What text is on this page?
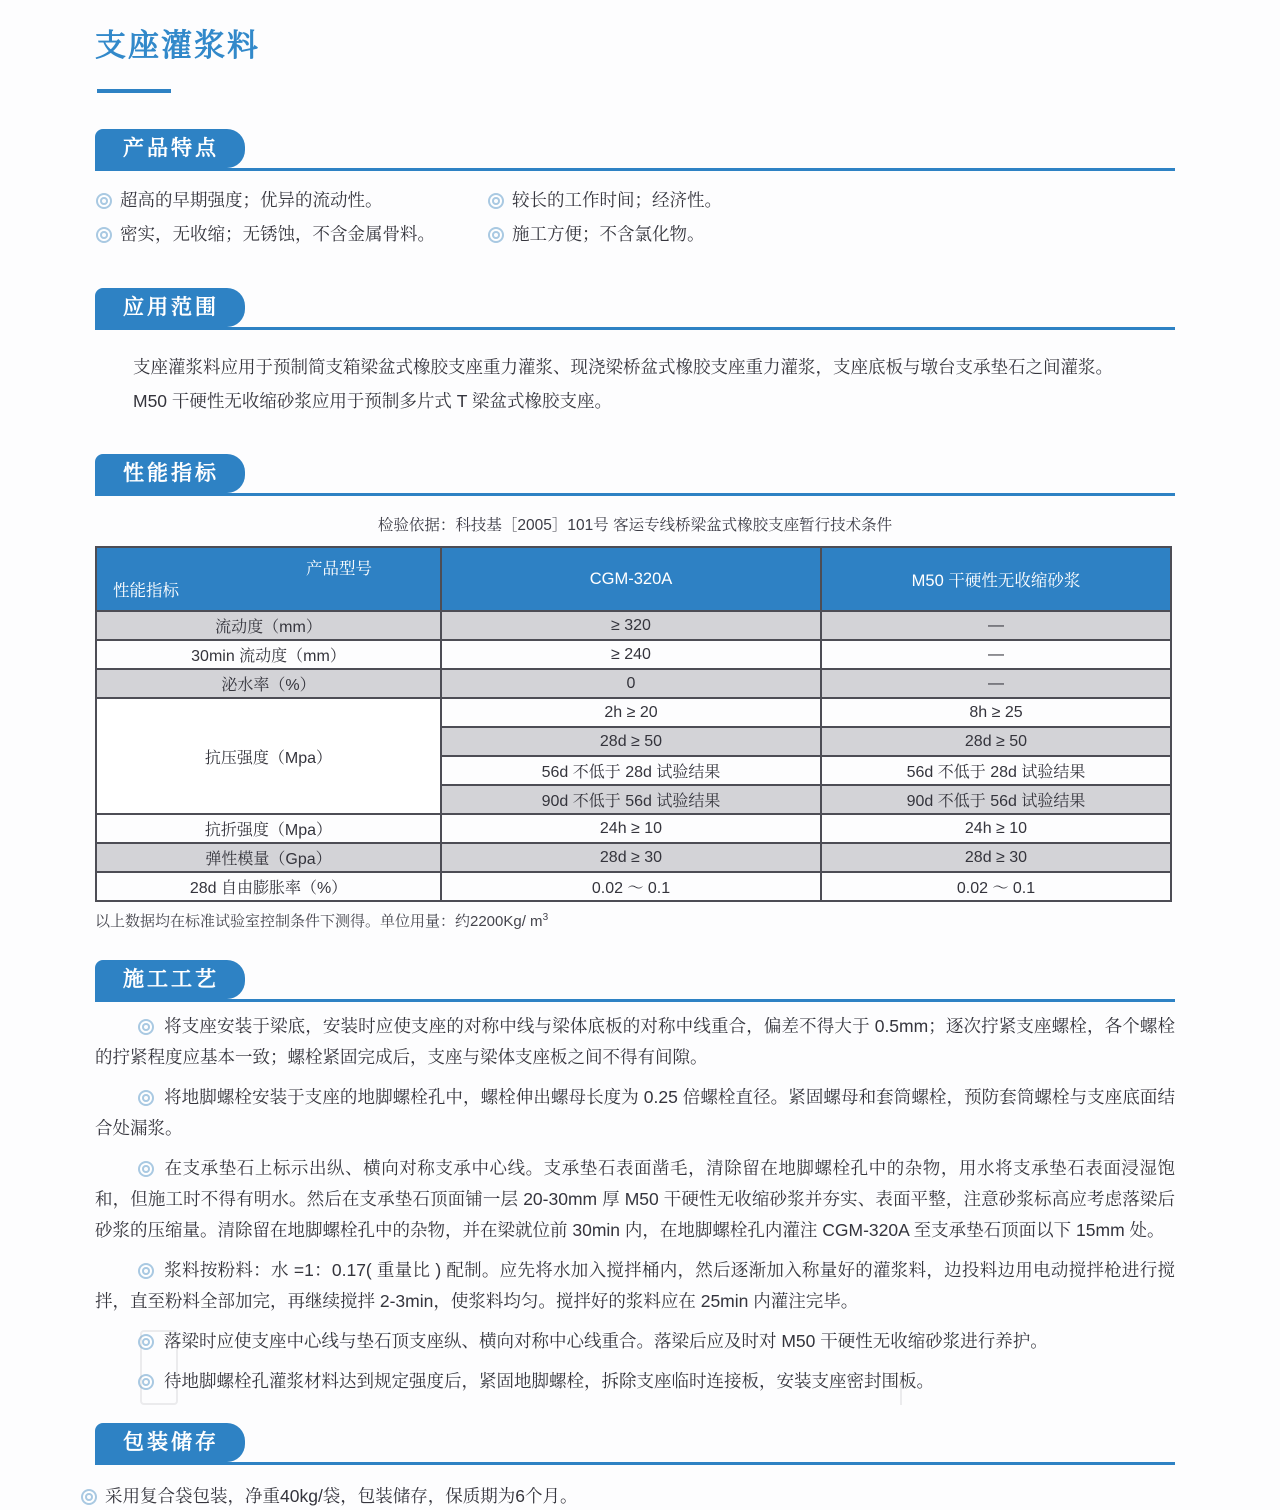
支座灌浆料
产品特点
超高的早期强度；优异的流动性。	较长的工作时间；经济性。
密实，无收缩；无锈蚀，不含金属骨料。	施工方便；不含氯化物。
应用范围
支座灌浆料应用于预制简支箱梁盆式橡胶支座重力灌浆、现浇梁桥盆式橡胶支座重力灌浆，支座底板与墩台支承垫石之间灌浆。
M50 干硬性无收缩砂浆应用于预制多片式 T 梁盆式橡胶支座。
性能指标
检验依据：科技基［2005］101号 客运专线桥梁盆式橡胶支座暂行技术条件
产品型号
性能指标	CGM-320A	M50 干硬性无收缩砂浆
流动度（mm）	≥ 320	—
30min 流动度（mm）	≥ 240	—
泌水率（%）	0	—
抗压强度（Mpa）	2h ≥ 20	8h ≥ 25
	28d ≥ 50	28d ≥ 50
	56d 不低于 28d 试验结果	56d 不低于 28d 试验结果
	90d 不低于 56d 试验结果	90d 不低于 56d 试验结果
抗折强度（Mpa）	24h ≥ 10	24h ≥ 10
弹性模量（Gpa）	28d ≥ 30	28d ≥ 30
28d 自由膨胀率（%）	0.02 ～ 0.1	0.02 ～ 0.1
以上数据均在标准试验室控制条件下测得。单位用量：约2200Kg/ $m^3$
施工工艺

将支座安装于梁底，安装时应使支座的对称中线与梁体底板的对称中线重合，偏差不得大于 0.5mm；逐次拧紧支座螺栓，各个螺栓的拧紧程度应基本一致；螺栓紧固完成后，支座与梁体支座板之间不得有间隙。

将地脚螺栓安装于支座的地脚螺栓孔中，螺栓伸出螺母长度为 0.25 倍螺栓直径。紧固螺母和套筒螺栓，预防套筒螺栓与支座底面结合处漏浆。

在支承垫石上标示出纵、横向对称支承中心线。支承垫石表面凿毛，清除留在地脚螺栓孔中的杂物，用水将支承垫石表面浸湿饱和，但施工时不得有明水。然后在支承垫石顶面铺一层 20-30mm 厚 M50 干硬性无收缩砂浆并夯实、表面平整，注意砂浆标高应考虑落梁后砂浆的压缩量。清除留在地脚螺栓孔中的杂物，并在梁就位前 30min 内，在地脚螺栓孔内灌注 CGM-320A 至支承垫石顶面以下 15mm 处。

浆料按粉料：水 =1：0.17( 重量比 ) 配制。应先将水加入搅拌桶内，然后逐渐加入称量好的灌浆料，边投料边用电动搅拌枪进行搅拌，直至粉料全部加完，再继续搅拌 2-3min，使浆料均匀。搅拌好的浆料应在 25min 内灌注完毕。

落梁时应使支座中心线与垫石顶支座纵、横向对称中心线重合。落梁后应及时对 M50 干硬性无收缩砂浆进行养护。

待地脚螺栓孔灌浆材料达到规定强度后，紧固地脚螺栓，拆除支座临时连接板，安装支座密封围板。

包装储存

采用复合袋包装，净重40kg/袋，包装储存，保质期为6个月。
